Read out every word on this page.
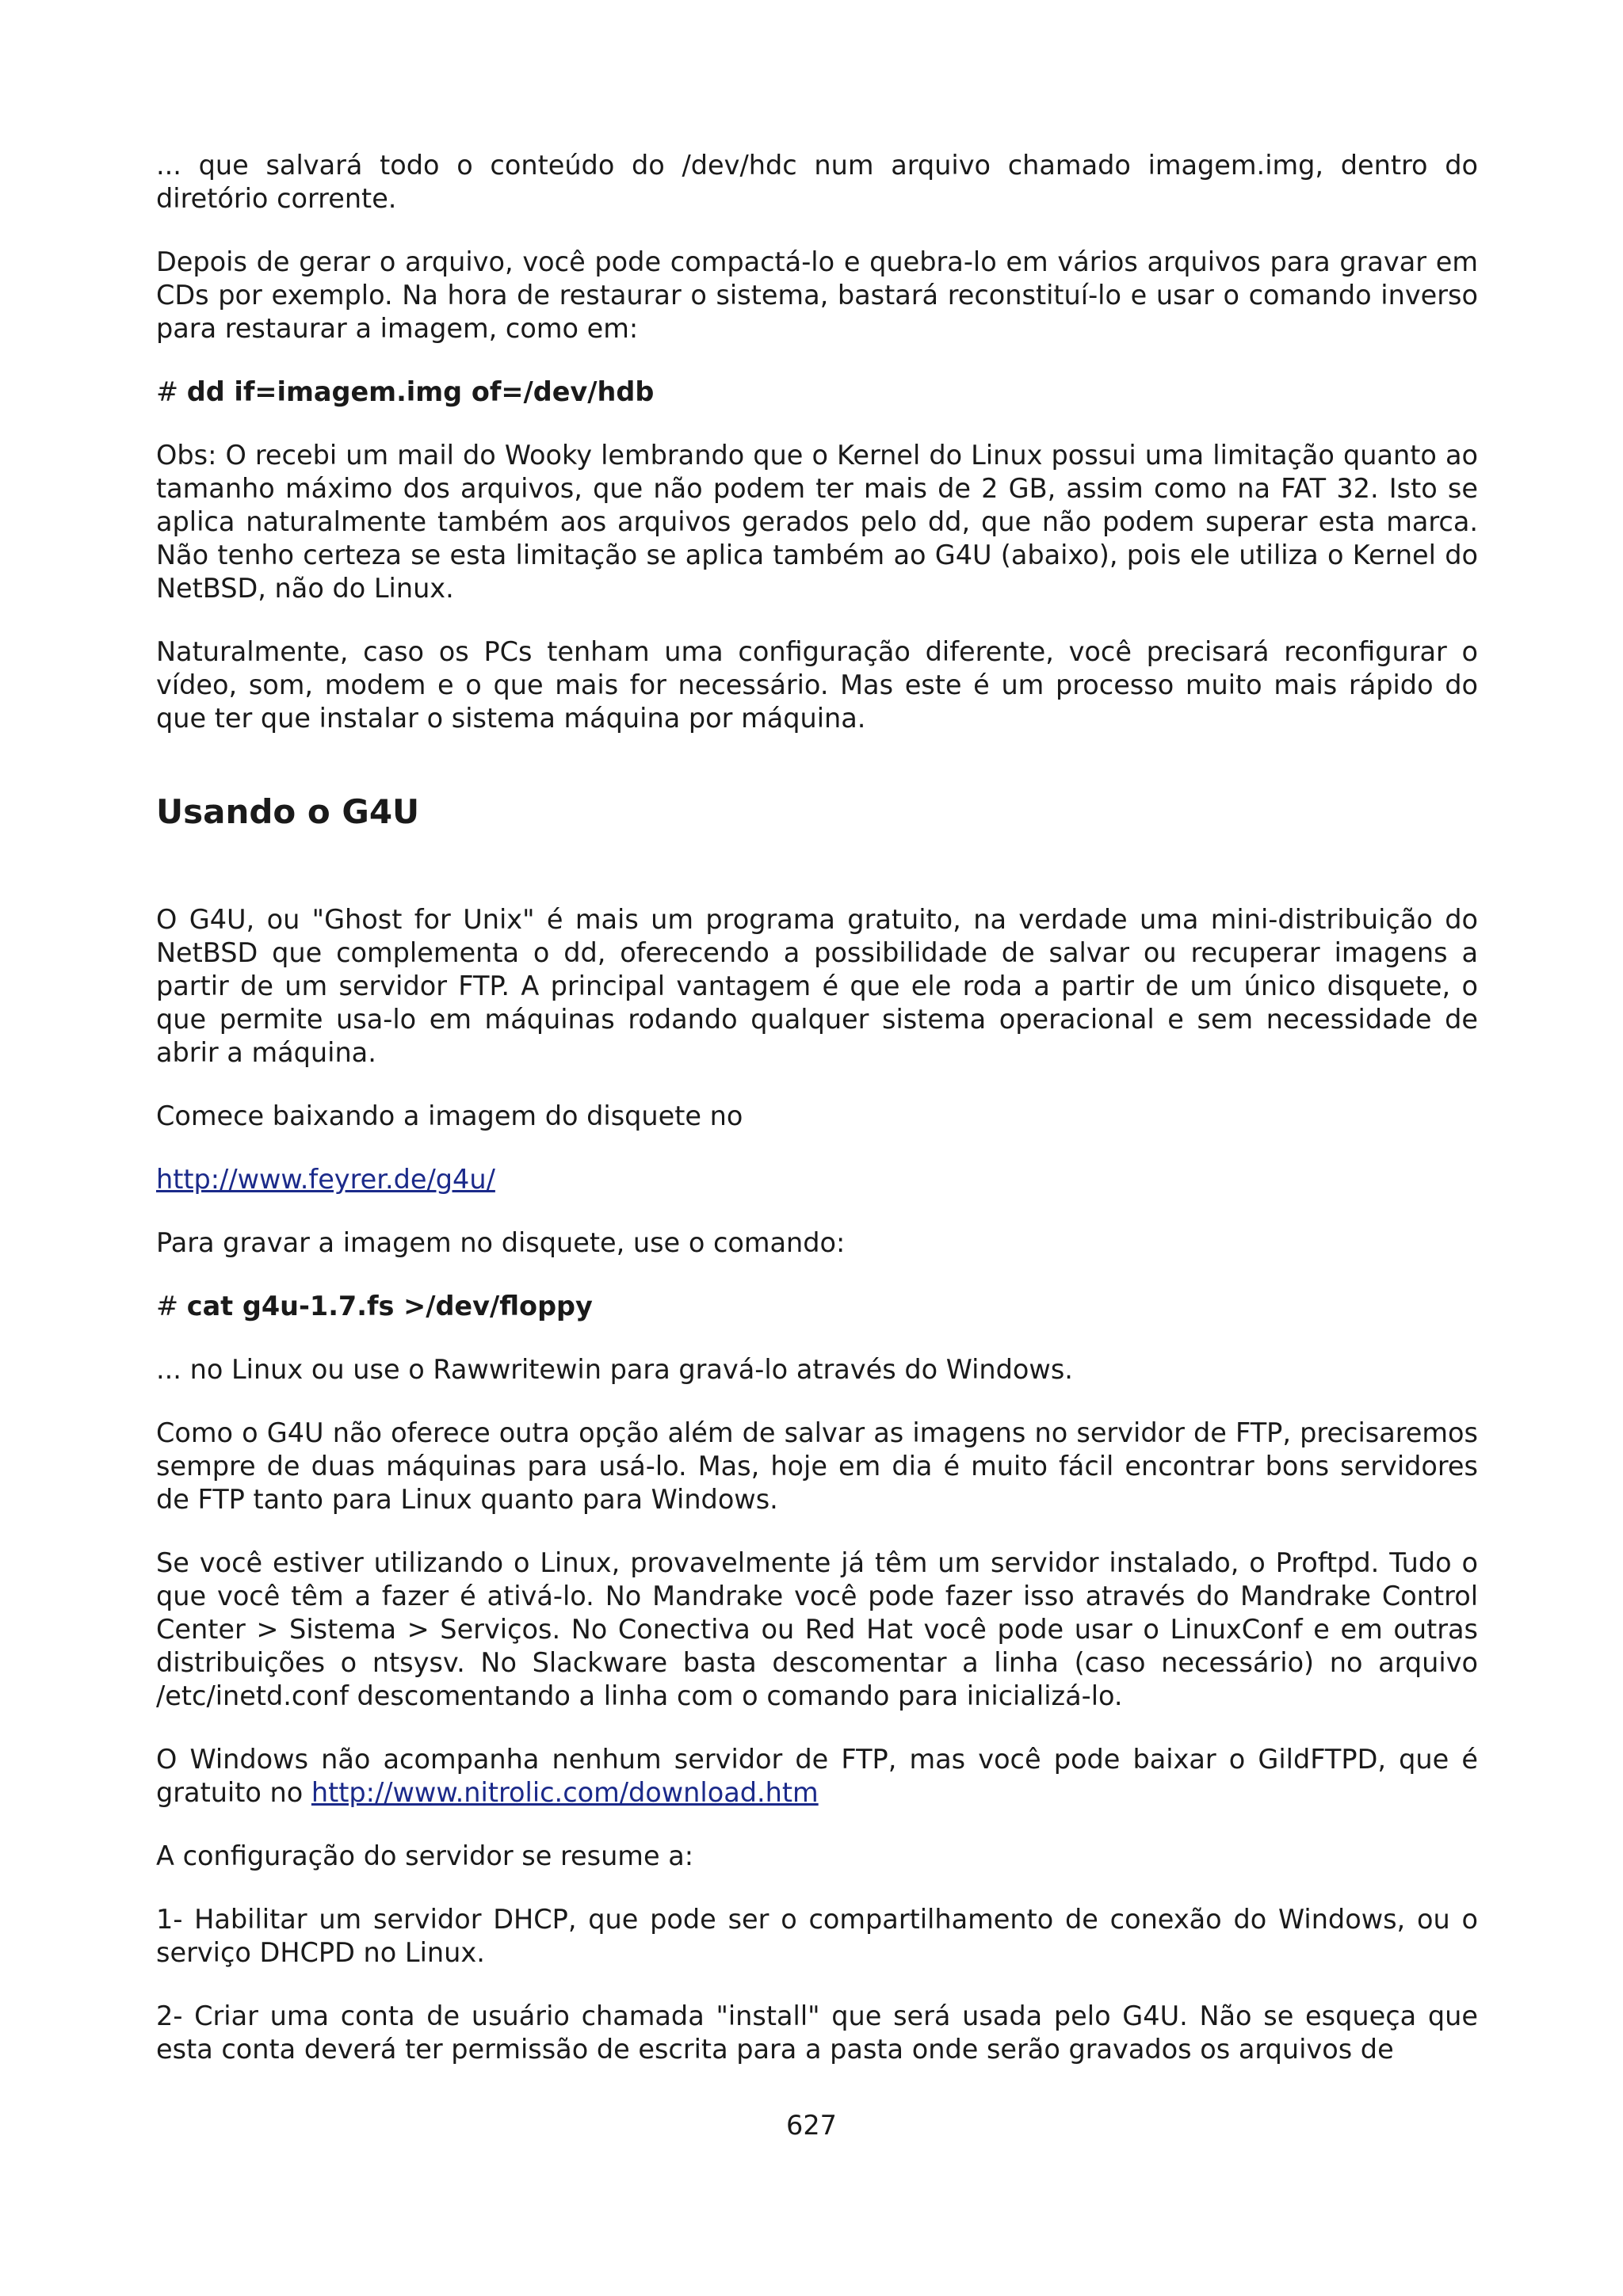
... que salvará todo o conteúdo do /dev/hdc num arquivo chamado imagem.img, dentro do diretório corrente.

Depois de gerar o arquivo, você pode compactá-lo e quebra-lo em vários arquivos para gravar em CDs por exemplo. Na hora de restaurar o sistema, bastará reconstituí-lo e usar o comando inverso para restaurar a imagem, como em:

# dd if=imagem.img of=/dev/hdb

Obs: O recebi um mail do Wooky lembrando que o Kernel do Linux possui uma limitação quanto ao tamanho máximo dos arquivos, que não podem ter mais de 2 GB, assim como na FAT 32. Isto se aplica naturalmente também aos arquivos gerados pelo dd, que não podem superar esta marca. Não tenho certeza se esta limitação se aplica também ao G4U (abaixo), pois ele utiliza o Kernel do NetBSD, não do Linux.

Naturalmente, caso os PCs tenham uma configuração diferente, você precisará reconfigurar o vídeo, som, modem e o que mais for necessário. Mas este é um processo muito mais rápido do que ter que instalar o sistema máquina por máquina.

Usando o G4U

O G4U, ou "Ghost for Unix" é mais um programa gratuito, na verdade uma mini-distribuição do NetBSD que complementa o dd, oferecendo a possibilidade de salvar ou recuperar imagens a partir de um servidor FTP. A principal vantagem é que ele roda a partir de um único disquete, o que permite usa-lo em máquinas rodando qualquer sistema operacional e sem necessidade de abrir a máquina.

Comece baixando a imagem do disquete no

http://www.feyrer.de/g4u/

Para gravar a imagem no disquete, use o comando:

# cat g4u-1.7.fs >/dev/floppy

... no Linux ou use o Rawwritewin para gravá-lo através do Windows.

Como o G4U não oferece outra opção além de salvar as imagens no servidor de FTP, precisaremos sempre de duas máquinas para usá-lo. Mas, hoje em dia é muito fácil encontrar bons servidores de FTP tanto para Linux quanto para Windows.

Se você estiver utilizando o Linux, provavelmente já têm um servidor instalado, o Proftpd. Tudo o que você têm a fazer é ativá-lo. No Mandrake você pode fazer isso através do Mandrake Control Center > Sistema > Serviços. No Conectiva ou Red Hat você pode usar o LinuxConf e em outras distribuições o ntsysv. No Slackware basta descomentar a linha (caso necessário) no arquivo /etc/inetd.conf descomentando a linha com o comando para inicializá-lo.

O Windows não acompanha nenhum servidor de FTP, mas você pode baixar o GildFTPD, que é gratuito no http://www.nitrolic.com/download.htm

A configuração do servidor se resume a:

1- Habilitar um servidor DHCP, que pode ser o compartilhamento de conexão do Windows, ou o serviço DHCPD no Linux.

2- Criar uma conta de usuário chamada "install" que será usada pelo G4U. Não se esqueça que esta conta deverá ter permissão de escrita para a pasta onde serão gravados os arquivos de

627
